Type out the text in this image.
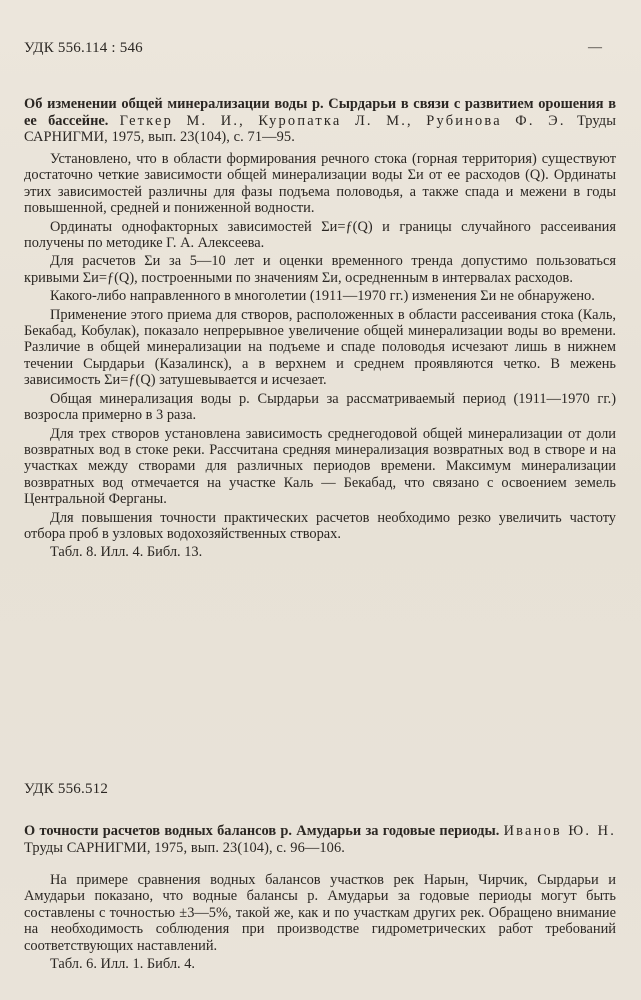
УДК 556.114 : 546	—
Об изменении общей минерализации воды р. Сырдарьи в связи с развитием орошения в ее бассейне. Геткер М. И., Куропатка Л. М., Рубинова Ф. Э. Труды САРНИГМИ, 1975, вып. 23(104), с. 71—95.

Установлено, что в области формирования речного стока (горная территория) существуют достаточно четкие зависимости общей минерализации воды Σи от ее расходов (Q). Ординаты этих зависимостей различны для фазы подъема половодья, а также спада и межени в годы повышенной, средней и пониженной водности.

Ординаты однофакторных зависимостей Σи=ƒ(Q) и границы случайного рассеивания получены по методике Г. А. Алексеева.

Для расчетов Σи за 5—10 лет и оценки временного тренда допустимо пользоваться кривыми Σи=ƒ(Q), построенными по значениям Σи, осредненным в интервалах расходов.

Какого-либо направленного в многолетии (1911—1970 гг.) изменения Σи не обнаружено.

Применение этого приема для створов, расположенных в области рассеивания стока (Каль, Бекабад, Кобулак), показало непрерывное увеличение общей минерализации воды во времени. Различие в общей минерализации на подъеме и спаде половодья исчезают лишь в нижнем течении Сырдарьи (Казалинск), а в верхнем и среднем проявляются четко. В межень зависимость Σи=ƒ(Q) затушевывается и исчезает.

Общая минерализация воды р. Сырдарьи за рассматриваемый период (1911—1970 гг.) возросла примерно в 3 раза.

Для трех створов установлена зависимость среднегодовой общей минерализации от доли возвратных вод в стоке реки. Рассчитана средняя минерализация возвратных вод в створе и на участках между створами для различных периодов времени. Максимум минерализации возвратных вод отмечается на участке Каль — Бекабад, что связано с освоением земель Центральной Ферганы.

Для повышения точности практических расчетов необходимо резко увеличить частоту отбора проб в узловых водохозяйственных створах.

Табл. 8. Илл. 4. Библ. 13.

УДК 556.512
О точности расчетов водных балансов р. Амударьи за годовые периоды. Иванов Ю. Н. Труды САРНИГМИ, 1975, вып. 23(104), с. 96—106.

На примере сравнения водных балансов участков рек Нарын, Чирчик, Сырдарьи и Амударьи показано, что водные балансы р. Амударьи за годовые периоды могут быть составлены с точностью ±3—5%, такой же, как и по участкам других рек. Обращено внимание на необходимость соблюдения при производстве гидрометрических работ требований соответствующих наставлений.

Табл. 6. Илл. 1. Библ. 4.
